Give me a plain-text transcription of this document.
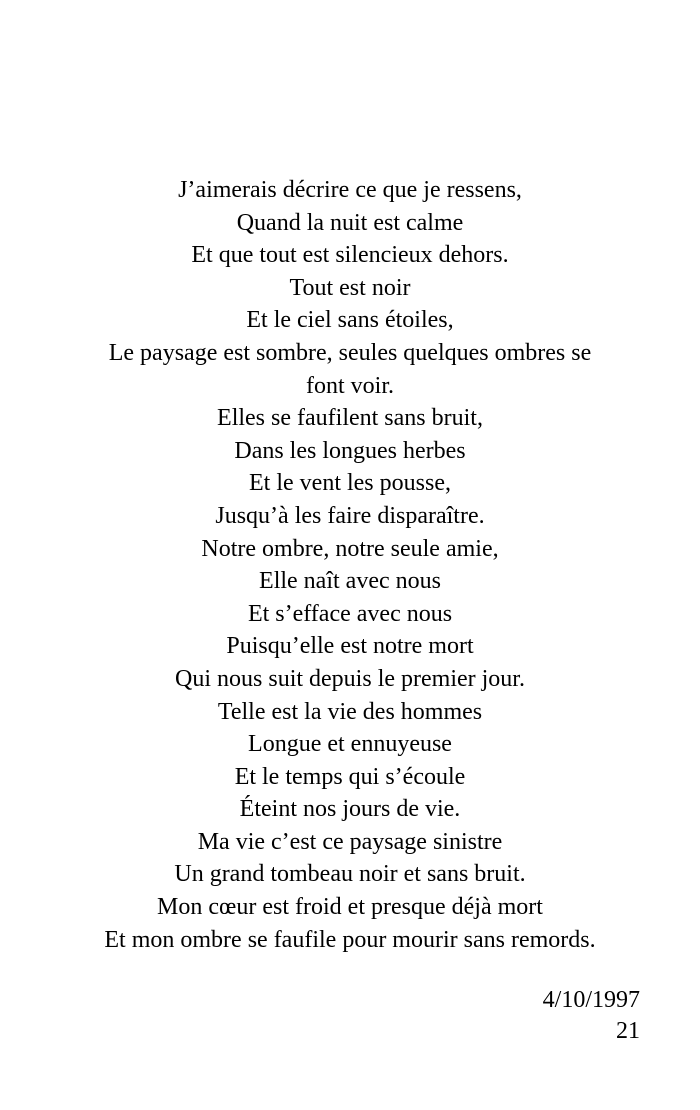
J’aimerais décrire ce que je ressens,
Quand la nuit est calme
Et que tout est silencieux dehors.
Tout est noir
Et le ciel sans étoiles,
Le paysage est sombre, seules quelques ombres se
font voir.
Elles se faufilent sans bruit,
Dans les longues herbes
Et le vent les pousse,
Jusqu’à les faire disparaître.
Notre ombre, notre seule amie,
Elle naît avec nous
Et s’efface avec nous
Puisqu’elle est notre mort
Qui nous suit depuis le premier jour.
Telle est la vie des hommes
Longue et ennuyeuse
Et le temps qui s’écoule
Éteint nos jours de vie.
Ma vie c’est ce paysage sinistre
Un grand tombeau noir et sans bruit.
Mon cœur est froid et presque déjà mort
Et mon ombre se faufile pour mourir sans remords.
4/10/1997
21
